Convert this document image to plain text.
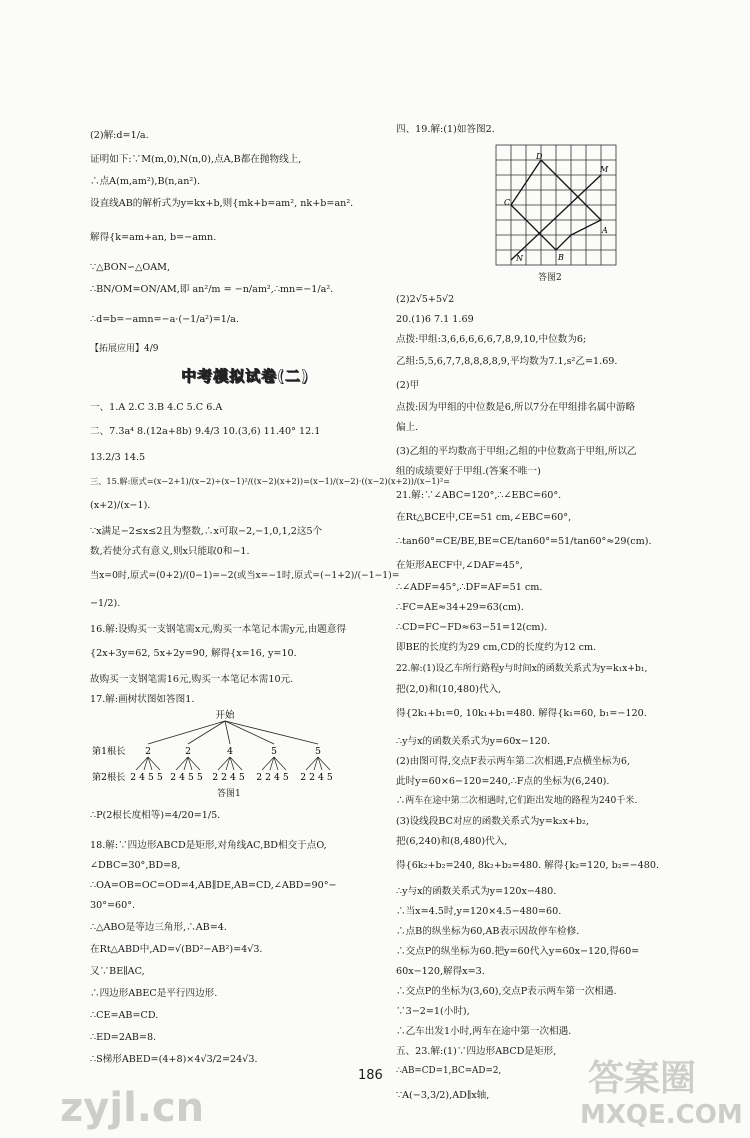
(2)解:d=1/a.
证明如下:∵M(m,0),N(n,0),点A,B都在抛物线上,
∴点A(m,am²),B(n,an²).
设直线AB的解析式为y=kx+b,则{mk+b=am², nk+b=an².
解得{k=am+an, b=−amn.
∵△BON∽△OAM,
∴BN/OM=ON/AM,即 an²/m = −n/am²,∴mn=−1/a².
∴d=b=−amn=−a·(−1/a²)=1/a.
【拓展应用】4/9
中考模拟试卷(二)
一、1.A 2.C 3.B 4.C 5.C 6.A
二、7.3a⁴ 8.(12a+8b) 9.4/3 10.(3,6) 11.40° 12.1
13.2/3 14.5
三、15.解:原式=(x−2+1)/(x−2)÷(x−1)²/((x−2)(x+2))=(x−1)/(x−2)·((x−2)(x+2))/(x−1)²=
(x+2)/(x−1).
∵x满足−2≤x≤2且为整数,∴x可取−2,−1,0,1,2这5个
数,若使分式有意义,则x只能取0和−1.
当x=0时,原式=(0+2)/(0−1)=−2(或当x=−1时,原式=(−1+2)/(−1−1)=
−1/2).
16.解:设购买一支钢笔需x元,购买一本笔记本需y元,由题意得
{2x+3y=62, 5x+2y=90, 解得{x=16, y=10.
故购买一支钢笔需16元,购买一本笔记本需10元.
17.解:画树状图如答图1.
开始
第1根长 2	2	4	5	5
第2根长 2455 2455 2245 2245 2245
答图1
∴P(2根长度相等)=4/20=1/5.
18.解:∵四边形ABCD是矩形,对角线AC,BD相交于点O,
∠DBC=30°,BD=8,
∴OA=OB=OC=OD=4,AB∥DE,AB=CD,∠ABD=90°−
30°=60°.
∴△ABO是等边三角形,∴AB=4.
在Rt△ABD中,AD=√(BD²−AB²)=4√3.
又∵BE∥AC,
∴四边形ABEC是平行四边形.
∴CE=AB=CD.
∴ED=2AB=8.
∴S梯形ABED=(4+8)×4√3/2=24√3.
四、19.解:(1)如答图2.
D
M
C
B
A
N
答图2
(2)2√5+5√2
20.(1)6 7.1 1.69
点拨:甲组:3,6,6,6,6,6,7,8,9,10,中位数为6;
乙组:5,5,6,7,7,8,8,8,8,9,平均数为7.1,s²乙=1.69.
(2)甲
点拨:因为甲组的中位数是6,所以7分在甲组排名属中游略
偏上.
(3)乙组的平均数高于甲组;乙组的中位数高于甲组,所以乙
组的成绩要好于甲组.(答案不唯一)
21.解:∵∠ABC=120°,∴∠EBC=60°.
在Rt△BCE中,CE=51 cm,∠EBC=60°,
∴tan60°=CE/BE,BE=CE/tan60°=51/tan60°≈29(cm).
在矩形AECF中,∠DAF=45°,
∴∠ADF=45°,∴DF=AF=51 cm.
∴FC=AE≈34+29=63(cm).
∴CD=FC−FD≈63−51=12(cm).
即BE的长度约为29 cm,CD的长度约为12 cm.
22.解:(1)设乙车所行路程y与时间x的函数关系式为y=k₁x+b₁,
把(2,0)和(10,480)代入,
得{2k₁+b₁=0, 10k₁+b₁=480. 解得{k₁=60, b₁=−120.
∴y与x的函数关系式为y=60x−120.
(2)由图可得,交点F表示两车第二次相遇,F点横坐标为6,
此时y=60×6−120=240,∴F点的坐标为(6,240).
∴两车在途中第二次相遇时,它们距出发地的路程为240千米.
(3)设线段BC对应的函数关系式为y=k₂x+b₂,
把(6,240)和(8,480)代入,
得{6k₂+b₂=240, 8k₂+b₂=480. 解得{k₂=120, b₂=−480.
∴y与x的函数关系式为y=120x−480.
∴当x=4.5时,y=120×4.5−480=60.
∴点B的纵坐标为60,AB表示因故停车检修.
∴交点P的纵坐标为60.把y=60代入y=60x−120,得60=
60x−120,解得x=3.
∴交点P的坐标为(3,60),交点P表示两车第一次相遇.
∵3−2=1(小时),
∴乙车出发1小时,两车在途中第一次相遇.
五、23.解:(1)∵四边形ABCD是矩形,
∴AB=CD=1,BC=AD=2,
∵A(−3,3/2),AD∥x轴,
186
zyjl.cn
答案圈
MXQE.COM
